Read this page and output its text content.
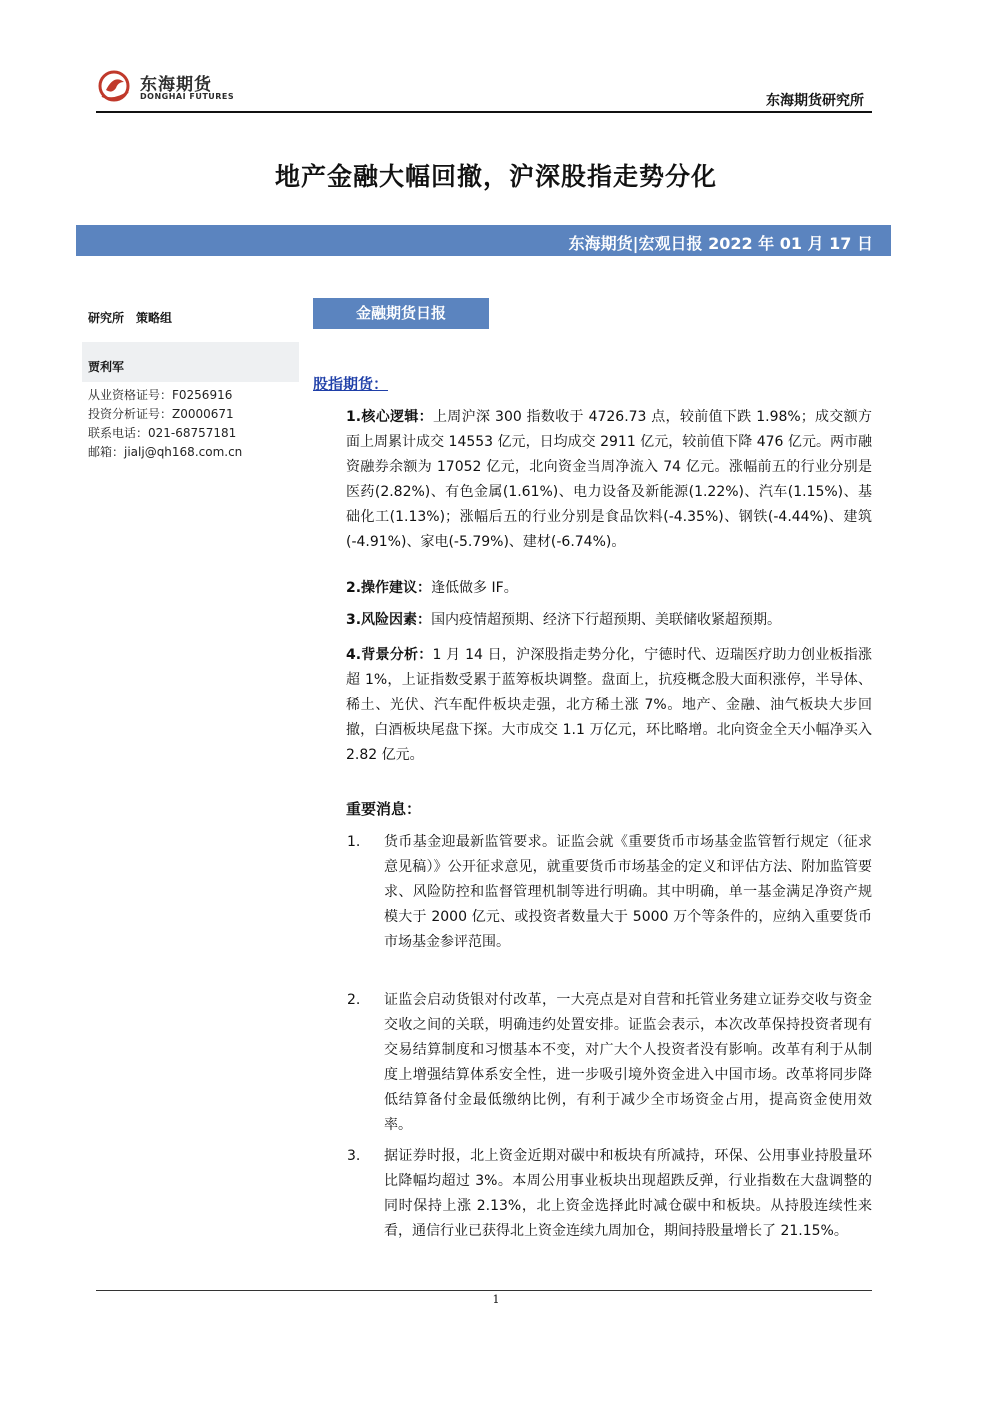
东海期货
DONGHAI FUTURES	东海期货研究所
地产金融大幅回撤，沪深股指走势分化
东海期货|宏观日报 2022 年 01 月 17 日
研究所　策略组
贾利军
从业资格证号：F0256916
投资分析证号：Z0000671
联系电话：021-68757181
邮箱：jialj@qh168.com.cn
金融期货日报
股指期货：
1.核心逻辑：上周沪深 300 指数收于 4726.73 点，较前值下跌 1.98%；成交额方面上周累计成交 14553 亿元，日均成交 2911 亿元，较前值下降 476 亿元。两市融资融券余额为 17052 亿元，北向资金当周净流入 74 亿元。涨幅前五的行业分别是医药(2.82%)、有色金属(1.61%)、电力设备及新能源(1.22%)、汽车(1.15%)、基础化工(1.13%)；涨幅后五的行业分别是食品饮料(-4.35%)、钢铁(-4.44%)、建筑(-4.91%)、家电(-5.79%)、建材(-6.74%)。
2.操作建议：逢低做多 IF。
3.风险因素：国内疫情超预期、经济下行超预期、美联储收紧超预期。
4.背景分析：1 月 14 日，沪深股指走势分化，宁德时代、迈瑞医疗助力创业板指涨超 1%，上证指数受累于蓝筹板块调整。盘面上，抗疫概念股大面积涨停，半导体、稀土、光伏、汽车配件板块走强，北方稀土涨 7%。地产、金融、油气板块大步回撤，白酒板块尾盘下探。大市成交 1.1 万亿元，环比略增。北向资金全天小幅净买入 2.82 亿元。
重要消息：
1. 货币基金迎最新监管要求。证监会就《重要货币市场基金监管暂行规定（征求意见稿）》公开征求意见，就重要货币市场基金的定义和评估方法、附加监管要求、风险防控和监督管理机制等进行明确。其中明确，单一基金满足净资产规模大于 2000 亿元、或投资者数量大于 5000 万个等条件的，应纳入重要货币市场基金参评范围。
2. 证监会启动货银对付改革，一大亮点是对自营和托管业务建立证券交收与资金交收之间的关联，明确违约处置安排。证监会表示，本次改革保持投资者现有交易结算制度和习惯基本不变，对广大个人投资者没有影响。改革有利于从制度上增强结算体系安全性，进一步吸引境外资金进入中国市场。改革将同步降低结算备付金最低缴纳比例，有利于减少全市场资金占用，提高资金使用效率。
3. 据证券时报，北上资金近期对碳中和板块有所减持，环保、公用事业持股量环比降幅均超过 3%。本周公用事业板块出现超跌反弹，行业指数在大盘调整的同时保持上涨 2.13%，北上资金选择此时减仓碳中和板块。从持股连续性来看，通信行业已获得北上资金连续九周加仓，期间持股量增长了 21.15%。
1
